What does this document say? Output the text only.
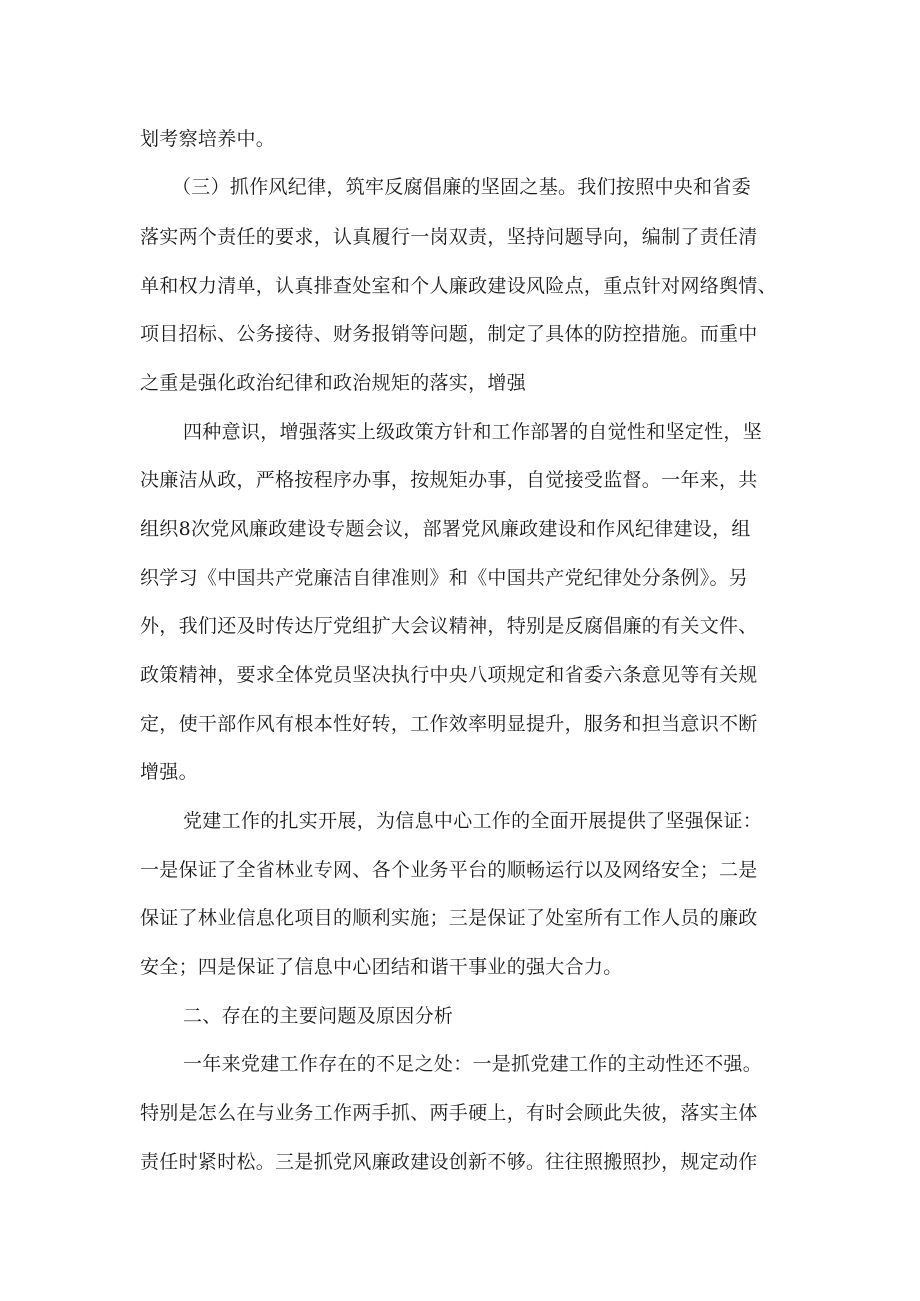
划考察培养中。
（三）抓作风纪律，筑牢反腐倡廉的坚固之基。我们按照中央和省委
落实两个责任的要求，认真履行一岗双责，坚持问题导向，编制了责任清
单和权力清单，认真排查处室和个人廉政建设风险点，重点针对网络舆情、
项目招标、公务接待、财务报销等问题，制定了具体的防控措施。而重中
之重是强化政治纪律和政治规矩的落实，增强
四种意识，增强落实上级政策方针和工作部署的自觉性和坚定性，坚
决廉洁从政，严格按程序办事，按规矩办事，自觉接受监督。一年来，共
组织8次党风廉政建设专题会议，部署党风廉政建设和作风纪律建设，组
织学习《中国共产党廉洁自律准则》和《中国共产党纪律处分条例》。另
外，我们还及时传达厅党组扩大会议精神，特别是反腐倡廉的有关文件、
政策精神，要求全体党员坚决执行中央八项规定和省委六条意见等有关规
定，使干部作风有根本性好转，工作效率明显提升，服务和担当意识不断
增强。
党建工作的扎实开展，为信息中心工作的全面开展提供了坚强保证：
一是保证了全省林业专网、各个业务平台的顺畅运行以及网络安全；二是
保证了林业信息化项目的顺利实施；三是保证了处室所有工作人员的廉政
安全；四是保证了信息中心团结和谐干事业的强大合力。
二、存在的主要问题及原因分析
一年来党建工作存在的不足之处：一是抓党建工作的主动性还不强。
特别是怎么在与业务工作两手抓、两手硬上，有时会顾此失彼，落实主体
责任时紧时松。三是抓党风廉政建设创新不够。往往照搬照抄，规定动作
